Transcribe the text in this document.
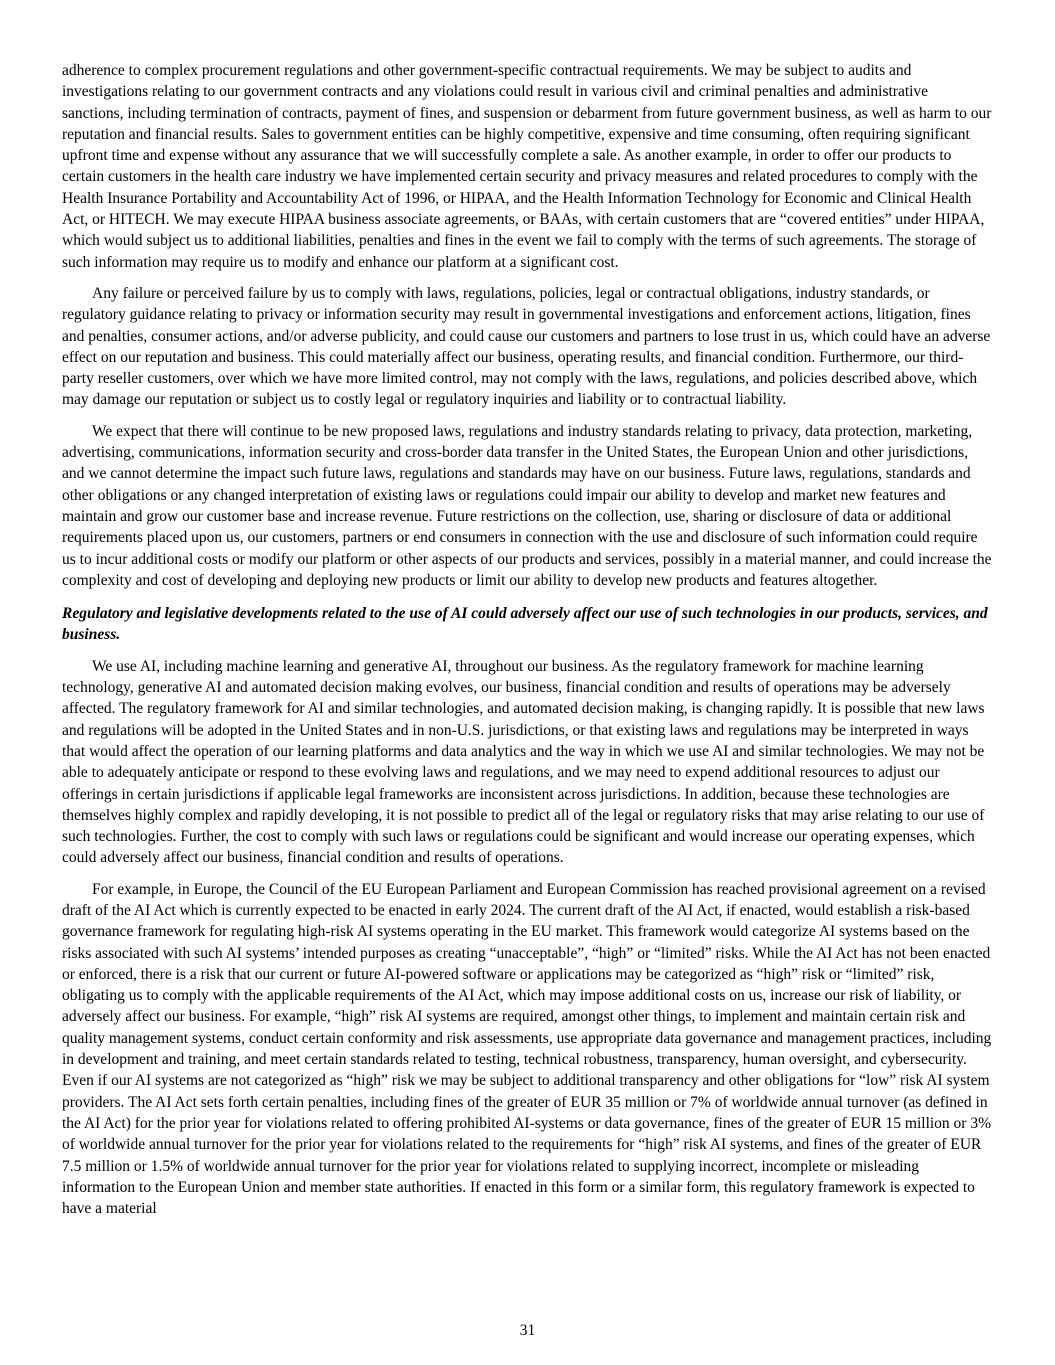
adherence to complex procurement regulations and other government-specific contractual requirements. We may be subject to audits and investigations relating to our government contracts and any violations could result in various civil and criminal penalties and administrative sanctions, including termination of contracts, payment of fines, and suspension or debarment from future government business, as well as harm to our reputation and financial results. Sales to government entities can be highly competitive, expensive and time consuming, often requiring significant upfront time and expense without any assurance that we will successfully complete a sale. As another example, in order to offer our products to certain customers in the health care industry we have implemented certain security and privacy measures and related procedures to comply with the Health Insurance Portability and Accountability Act of 1996, or HIPAA, and the Health Information Technology for Economic and Clinical Health Act, or HITECH. We may execute HIPAA business associate agreements, or BAAs, with certain customers that are “covered entities” under HIPAA, which would subject us to additional liabilities, penalties and fines in the event we fail to comply with the terms of such agreements. The storage of such information may require us to modify and enhance our platform at a significant cost.

Any failure or perceived failure by us to comply with laws, regulations, policies, legal or contractual obligations, industry standards, or regulatory guidance relating to privacy or information security may result in governmental investigations and enforcement actions, litigation, fines and penalties, consumer actions, and/or adverse publicity, and could cause our customers and partners to lose trust in us, which could have an adverse effect on our reputation and business. This could materially affect our business, operating results, and financial condition. Furthermore, our third-party reseller customers, over which we have more limited control, may not comply with the laws, regulations, and policies described above, which may damage our reputation or subject us to costly legal or regulatory inquiries and liability or to contractual liability.

We expect that there will continue to be new proposed laws, regulations and industry standards relating to privacy, data protection, marketing, advertising, communications, information security and cross-border data transfer in the United States, the European Union and other jurisdictions, and we cannot determine the impact such future laws, regulations and standards may have on our business. Future laws, regulations, standards and other obligations or any changed interpretation of existing laws or regulations could impair our ability to develop and market new features and maintain and grow our customer base and increase revenue. Future restrictions on the collection, use, sharing or disclosure of data or additional requirements placed upon us, our customers, partners or end consumers in connection with the use and disclosure of such information could require us to incur additional costs or modify our platform or other aspects of our products and services, possibly in a material manner, and could increase the complexity and cost of developing and deploying new products or limit our ability to develop new products and features altogether.

Regulatory and legislative developments related to the use of AI could adversely affect our use of such technologies in our products, services, and business.

We use AI, including machine learning and generative AI, throughout our business. As the regulatory framework for machine learning technology, generative AI and automated decision making evolves, our business, financial condition and results of operations may be adversely affected. The regulatory framework for AI and similar technologies, and automated decision making, is changing rapidly. It is possible that new laws and regulations will be adopted in the United States and in non-U.S. jurisdictions, or that existing laws and regulations may be interpreted in ways that would affect the operation of our learning platforms and data analytics and the way in which we use AI and similar technologies. We may not be able to adequately anticipate or respond to these evolving laws and regulations, and we may need to expend additional resources to adjust our offerings in certain jurisdictions if applicable legal frameworks are inconsistent across jurisdictions. In addition, because these technologies are themselves highly complex and rapidly developing, it is not possible to predict all of the legal or regulatory risks that may arise relating to our use of such technologies. Further, the cost to comply with such laws or regulations could be significant and would increase our operating expenses, which could adversely affect our business, financial condition and results of operations.

For example, in Europe, the Council of the EU European Parliament and European Commission has reached provisional agreement on a revised draft of the AI Act which is currently expected to be enacted in early 2024. The current draft of the AI Act, if enacted, would establish a risk-based governance framework for regulating high-risk AI systems operating in the EU market. This framework would categorize AI systems based on the risks associated with such AI systems’ intended purposes as creating “unacceptable”, “high” or “limited” risks. While the AI Act has not been enacted or enforced, there is a risk that our current or future AI-powered software or applications may be categorized as “high” risk or “limited” risk, obligating us to comply with the applicable requirements of the AI Act, which may impose additional costs on us, increase our risk of liability, or adversely affect our business. For example, “high” risk AI systems are required, amongst other things, to implement and maintain certain risk and quality management systems, conduct certain conformity and risk assessments, use appropriate data governance and management practices, including in development and training, and meet certain standards related to testing, technical robustness, transparency, human oversight, and cybersecurity. Even if our AI systems are not categorized as “high” risk we may be subject to additional transparency and other obligations for “low” risk AI system providers. The AI Act sets forth certain penalties, including fines of the greater of EUR 35 million or 7% of worldwide annual turnover (as defined in the AI Act) for the prior year for violations related to offering prohibited AI-systems or data governance, fines of the greater of EUR 15 million or 3% of worldwide annual turnover for the prior year for violations related to the requirements for “high” risk AI systems, and fines of the greater of EUR 7.5 million or 1.5% of worldwide annual turnover for the prior year for violations related to supplying incorrect, incomplete or misleading information to the European Union and member state authorities. If enacted in this form or a similar form, this regulatory framework is expected to have a material

31
